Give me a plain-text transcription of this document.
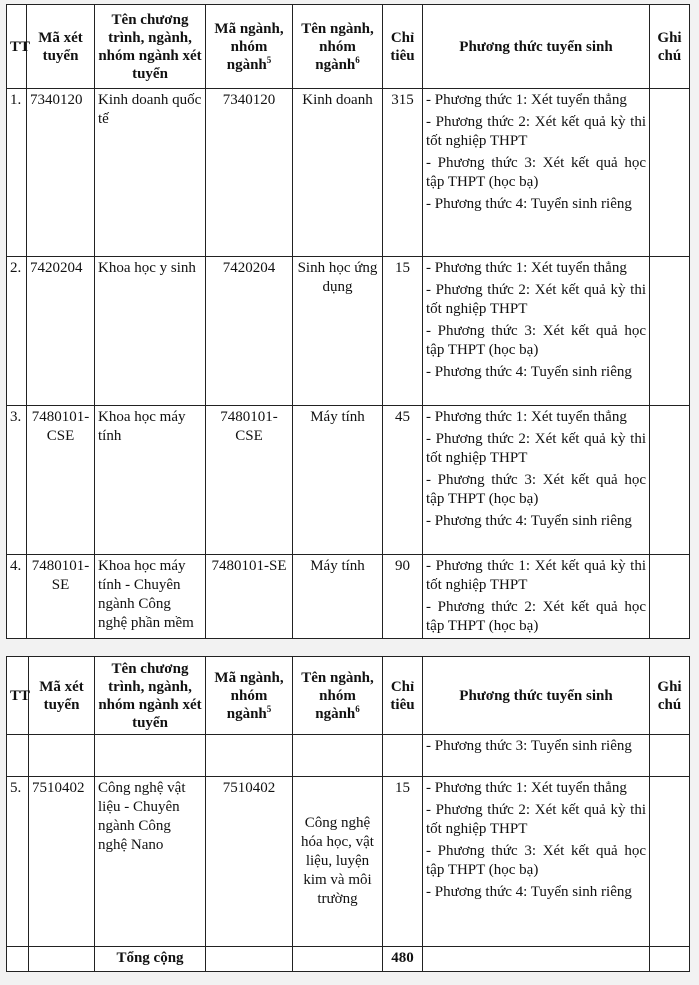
TT	Mã xét tuyển	Tên chương trình, ngành, nhóm ngành xét tuyển	Mã ngành, nhóm ngành$^5$	Tên ngành, nhóm ngành$^6$	Chỉ tiêu	Phương thức tuyển sinh	Ghi chú
1.	7340120	Kinh doanh quốc tế	7340120	Kinh doanh	315	- Phương thức 1: Xét tuyển thẳng
- Phương thức 2: Xét kết quả kỳ thi tốt nghiệp THPT
- Phương thức 3: Xét kết quả học tập THPT (học bạ)
- Phương thức 4: Tuyển sinh riêng	

2.	7420204	Khoa học y sinh	7420204	Sinh học ứng dụng	15	- Phương thức 1: Xét tuyển thẳng
- Phương thức 2: Xét kết quả kỳ thi tốt nghiệp THPT
- Phương thức 3: Xét kết quả học tập THPT (học bạ)
- Phương thức 4: Tuyển sinh riêng	

3.	7480101-CSE	Khoa học máy tính	7480101-CSE	Máy tính	45	- Phương thức 1: Xét tuyển thẳng
- Phương thức 2: Xét kết quả kỳ thi tốt nghiệp THPT
- Phương thức 3: Xét kết quả học tập THPT (học bạ)
- Phương thức 4: Tuyển sinh riêng	

4.	7480101-SE	Khoa học máy tính - Chuyên ngành Công nghệ phần mềm	7480101-SE	Máy tính	90	- Phương thức 1: Xét kết quả kỳ thi tốt nghiệp THPT
- Phương thức 2: Xét kết quả học tập THPT (học bạ)	

TT	Mã xét tuyển	Tên chương trình, ngành, nhóm ngành xét tuyển	Mã ngành, nhóm ngành$^5$	Tên ngành, nhóm ngành$^6$	Chỉ tiêu	Phương thức tuyển sinh	Ghi chú

						- Phương thức 3: Tuyển sinh riêng	

5.	7510402	Công nghệ vật liệu - Chuyên ngành Công nghệ Nano	7510402	Công nghệ hóa học, vật liệu, luyện kim và môi trường	15	- Phương thức 1: Xét tuyển thẳng
- Phương thức 2: Xét kết quả kỳ thi tốt nghiệp THPT
- Phương thức 3: Xét kết quả học tập THPT (học bạ)
- Phương thức 4: Tuyển sinh riêng	

		Tổng cộng			480		
